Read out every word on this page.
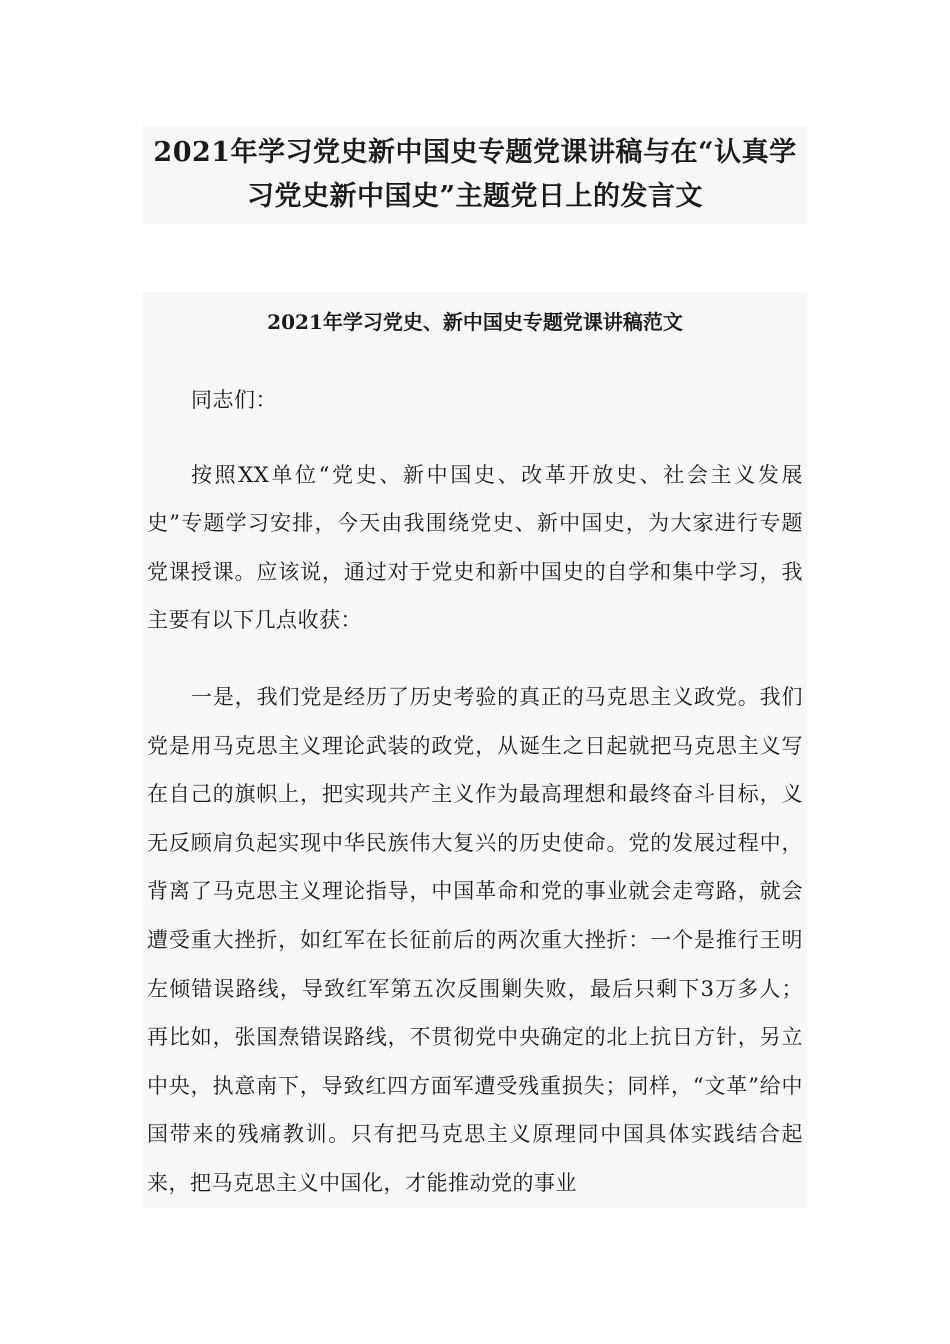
2021年学习党史新中国史专题党课讲稿与在“认真学习党史新中国史”主题党日上的发言文
2021年学习党史、新中国史专题党课讲稿范文

同志们：

按照XX单位“党史、新中国史、改革开放史、社会主义发展史”专题学习安排，今天由我围绕党史、新中国史，为大家进行专题党课授课。应该说，通过对于党史和新中国史的自学和集中学习，我主要有以下几点收获：

一是，我们党是经历了历史考验的真正的马克思主义政党。我们党是用马克思主义理论武装的政党，从诞生之日起就把马克思主义写在自己的旗帜上，把实现共产主义作为最高理想和最终奋斗目标，义无反顾肩负起实现中华民族伟大复兴的历史使命。党的发展过程中，背离了马克思主义理论指导，中国革命和党的事业就会走弯路，就会遭受重大挫折，如红军在长征前后的两次重大挫折：一个是推行王明左倾错误路线，导致红军第五次反围剿失败，最后只剩下3万多人；再比如，张国焘错误路线，不贯彻党中央确定的北上抗日方针，另立中央，执意南下，导致红四方面军遭受残重损失；同样，“文革”给中国带来的残痛教训。只有把马克思主义原理同中国具体实践结合起来，把马克思主义中国化，才能推动党的事业
